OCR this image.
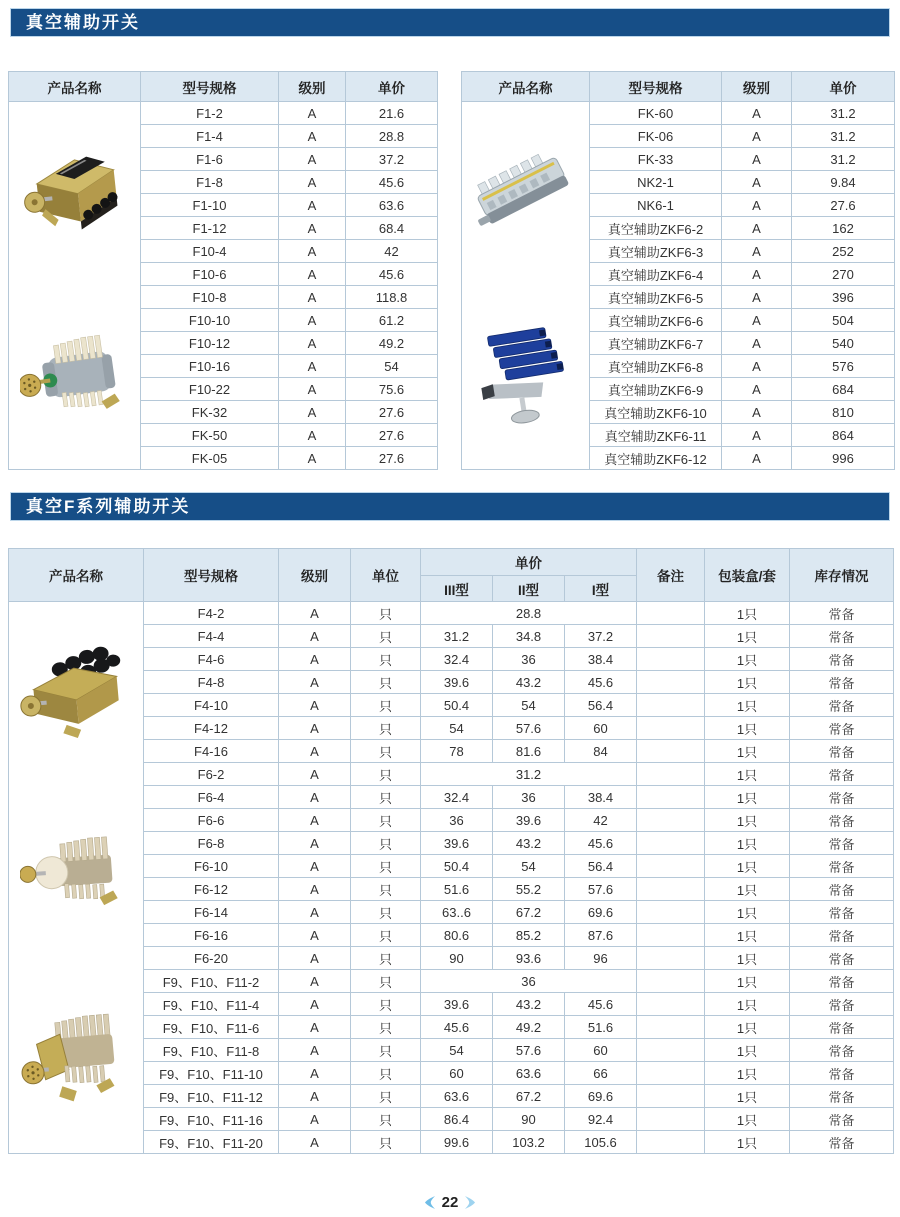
真空辅助开关
产品名称	型号规格	级别	单价

	F1-2	A	21.6
	F1-4	A	28.8
	F1-6	A	37.2
	F1-8	A	45.6
	F1-10	A	63.6
	F1-12	A	68.4
	F10-4	A	42
	F10-6	A	45.6
	F10-8	A	118.8
	F10-10	A	61.2
	F10-12	A	49.2
	F10-16	A	54
	F10-22	A	75.6
	FK-32	A	27.6
	FK-50	A	27.6
	FK-05	A	27.6
产品名称	型号规格	级别	单价

	FK-60	A	31.2
	FK-06	A	31.2
	FK-33	A	31.2
	NK2-1	A	9.84
	NK6-1	A	27.6
	真空辅助ZKF6-2	A	162
	真空辅助ZKF6-3	A	252
	真空辅助ZKF6-4	A	270
	真空辅助ZKF6-5	A	396
	真空辅助ZKF6-6	A	504
	真空辅助ZKF6-7	A	540
	真空辅助ZKF6-8	A	576
	真空辅助ZKF6-9	A	684
	真空辅助ZKF6-10	A	810
	真空辅助ZKF6-11	A	864
	真空辅助ZKF6-12	A	996
真空F系列辅助开关
产品名称	型号规格	级别	单位	单价			备注	包装盒/套	库存情况
				III型	II型	I型			

	F4-2	A	只	28.8				1只	常备
	F4-4	A	只	31.2	34.8	37.2		1只	常备
	F4-6	A	只	32.4	36	38.4		1只	常备
	F4-8	A	只	39.6	43.2	45.6		1只	常备
	F4-10	A	只	50.4	54	56.4		1只	常备
	F4-12	A	只	54	57.6	60		1只	常备
	F4-16	A	只	78	81.6	84		1只	常备
	F6-2	A	只	31.2				1只	常备
	F6-4	A	只	32.4	36	38.4		1只	常备
	F6-6	A	只	36	39.6	42		1只	常备
	F6-8	A	只	39.6	43.2	45.6		1只	常备
	F6-10	A	只	50.4	54	56.4		1只	常备
	F6-12	A	只	51.6	55.2	57.6		1只	常备
	F6-14	A	只	63..6	67.2	69.6		1只	常备
	F6-16	A	只	80.6	85.2	87.6		1只	常备
	F6-20	A	只	90	93.6	96		1只	常备
	F9、F10、F11-2	A	只	36				1只	常备
	F9、F10、F11-4	A	只	39.6	43.2	45.6		1只	常备
	F9、F10、F11-6	A	只	45.6	49.2	51.6		1只	常备
	F9、F10、F11-8	A	只	54	57.6	60		1只	常备
	F9、F10、F11-10	A	只	60	63.6	66		1只	常备
	F9、F10、F11-12	A	只	63.6	67.2	69.6		1只	常备
	F9、F10、F11-16	A	只	86.4	90	92.4		1只	常备
	F9、F10、F11-20	A	只	99.6	103.2	105.6		1只	常备
22
